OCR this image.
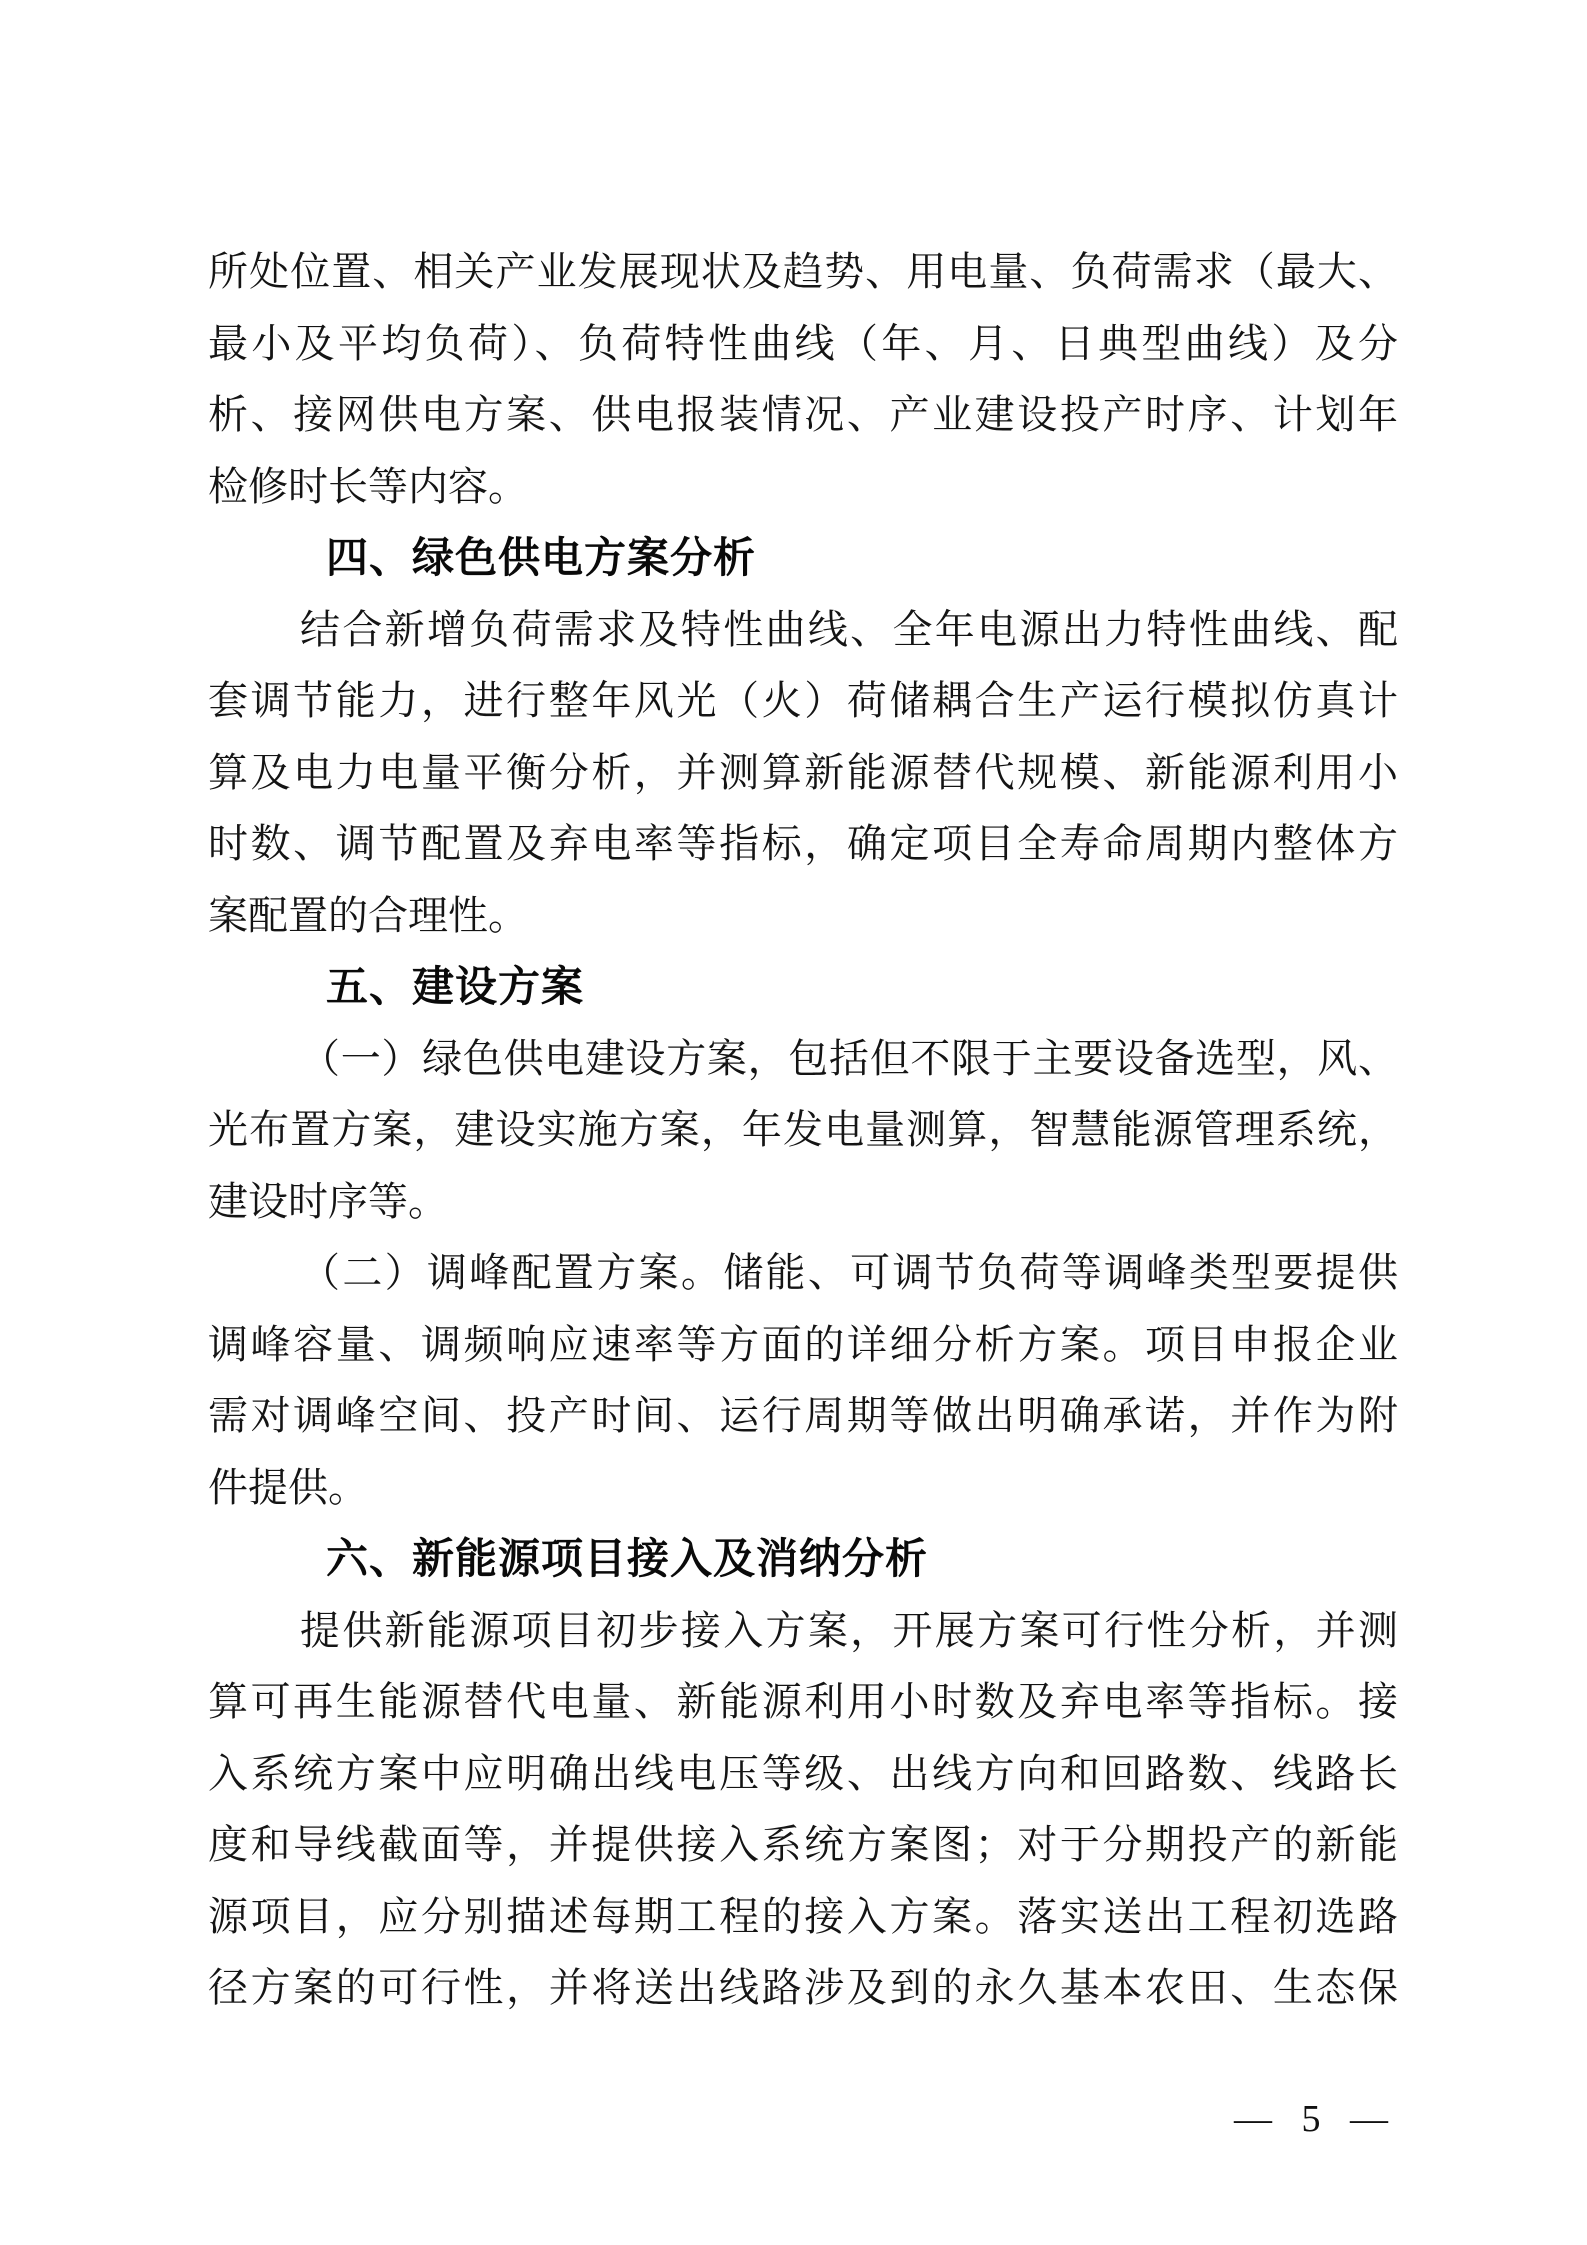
所处位置、相关产业发展现状及趋势、用电量、负荷需求（最大、

最小及平均负荷）、负荷特性曲线（年、月、日典型曲线）及分

析、接网供电方案、供电报装情况、产业建设投产时序、计划年

检修时长等内容。

四、绿色供电方案分析

结合新增负荷需求及特性曲线、全年电源出力特性曲线、配

套调节能力，进行整年风光（火）荷储耦合生产运行模拟仿真计

算及电力电量平衡分析，并测算新能源替代规模、新能源利用小

时数、调节配置及弃电率等指标，确定项目全寿命周期内整体方

案配置的合理性。

五、建设方案

（一）绿色供电建设方案，包括但不限于主要设备选型，风、

光布置方案，建设实施方案，年发电量测算，智慧能源管理系统，

建设时序等。

（二）调峰配置方案。储能、可调节负荷等调峰类型要提供

调峰容量、调频响应速率等方面的详细分析方案。项目申报企业

需对调峰空间、投产时间、运行周期等做出明确承诺，并作为附

件提供。

六、新能源项目接入及消纳分析

提供新能源项目初步接入方案，开展方案可行性分析，并测

算可再生能源替代电量、新能源利用小时数及弃电率等指标。接

入系统方案中应明确出线电压等级、出线方向和回路数、线路长

度和导线截面等，并提供接入系统方案图；对于分期投产的新能

源项目，应分别描述每期工程的接入方案。落实送出工程初选路

径方案的可行性，并将送出线路涉及到的永久基本农田、生态保

— 5 —
